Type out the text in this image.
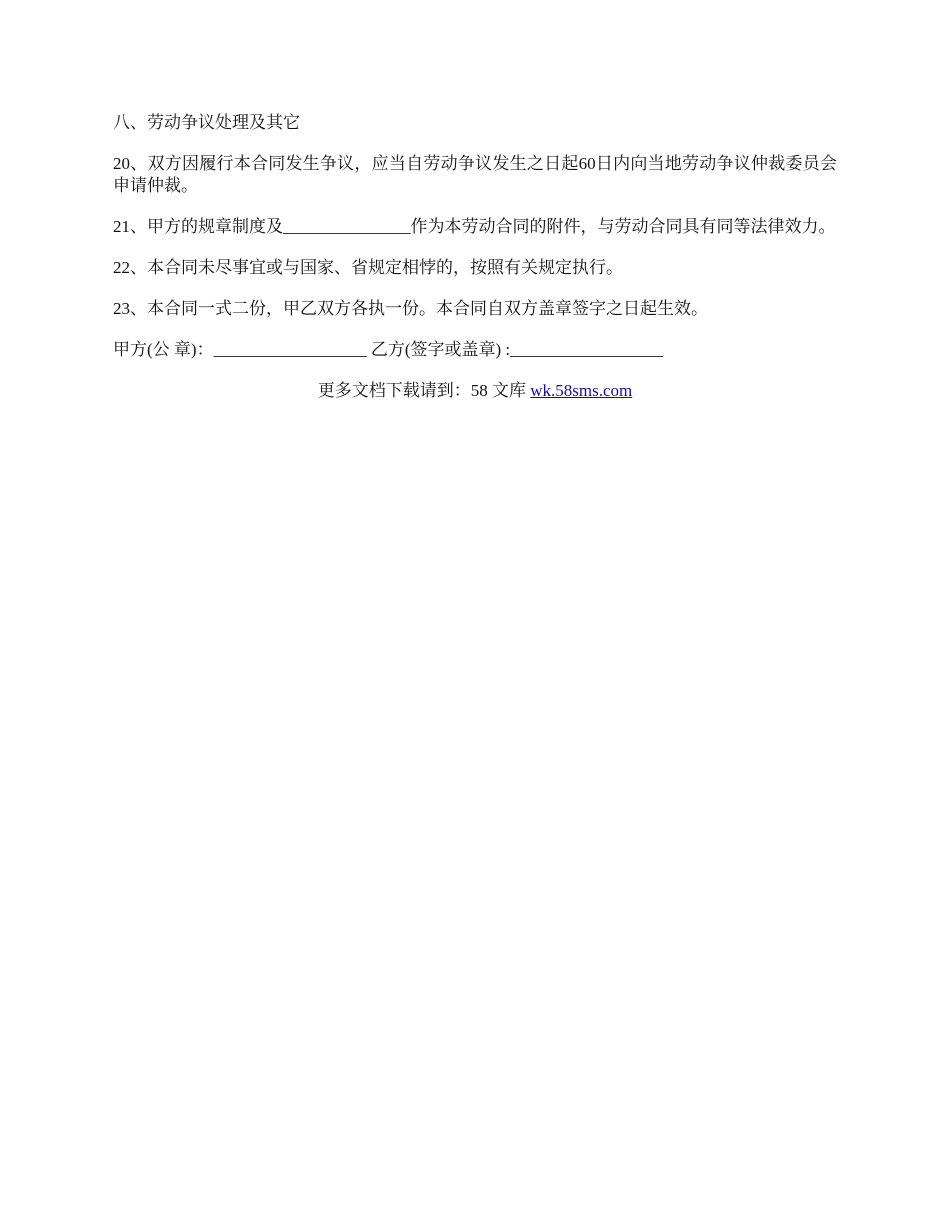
八、劳动争议处理及其它

20、双方因履行本合同发生争议，应当自劳动争议发生之日起60日内向当地劳动争议仲裁委员会申请仲裁。

21、甲方的规章制度及_______________作为本劳动合同的附件，与劳动合同具有同等法律效力。

22、本合同未尽事宜或与国家、省规定相悖的，按照有关规定执行。

23、本合同一式二份，甲乙双方各执一份。本合同自双方盖章签字之日起生效。

甲方(公 章)：__________________ 乙方(签字或盖章) :__________________

更多文档下载请到：58 文库 wk.58sms.com
